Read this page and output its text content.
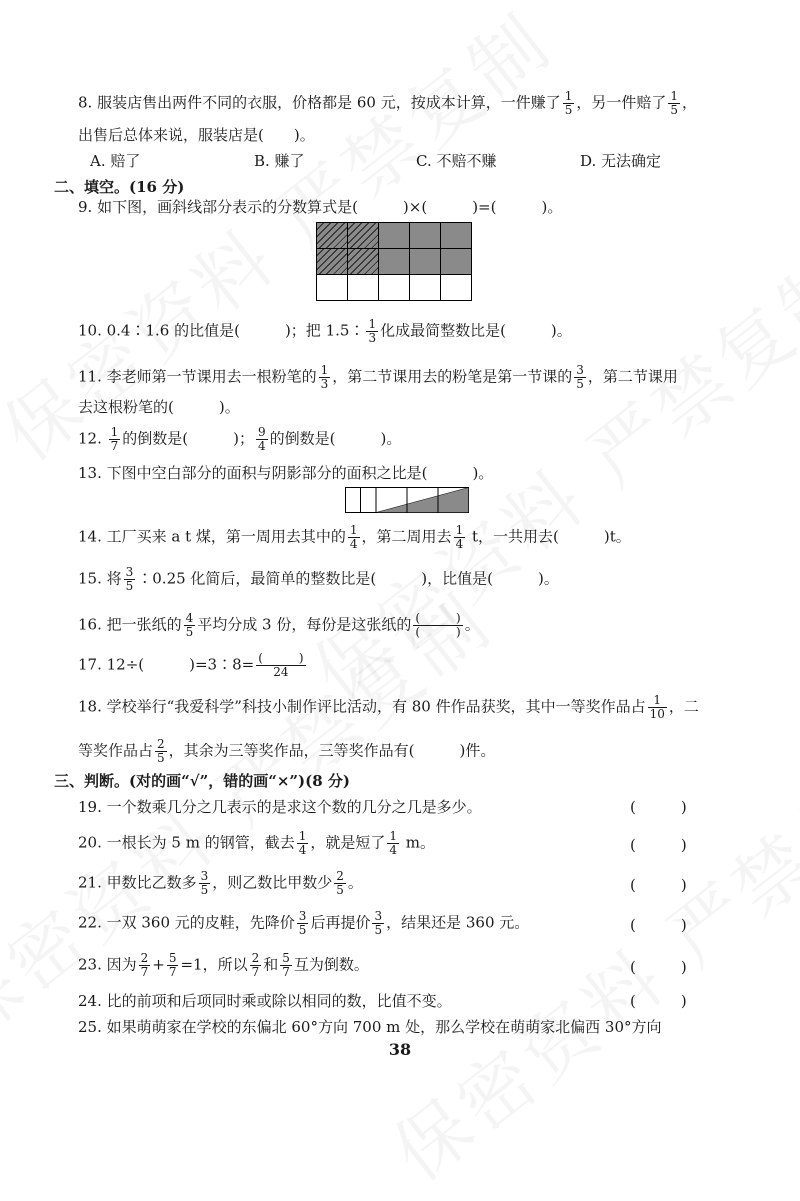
8. 服装店售出两件不同的衣服，价格都是 60 元，按成本计算，一件赚了 $\frac{1}{5}$ ，另一件赔了 $\frac{1}{5}$ ，
出售后总体来说，服装店是(　　)。
A. 赔了	B. 赚了	C. 不赔不赚	D. 无法确定
二、填空。(16 分)
9. 如下图，画斜线部分表示的分数算式是(　　　)×(　　　)=(　　　)。
10. 0.4∶1.6 的比值是(　　　)；把 1.5∶ $\frac{1}{3}$ 化成最简整数比是(　　　)。
11. 李老师第一节课用去一根粉笔的 $\frac{1}{3}$ ，第二节课用去的粉笔是第一节课的 $\frac{3}{5}$ ，第二节课用
去这根粉笔的(　　　)。
12. $\frac{1}{7}$ 的倒数是(　　　)； $\frac{9}{4}$ 的倒数是(　　　)。
13. 下图中空白部分的面积与阴影部分的面积之比是(　　　)。
14. 工厂买来 a t 煤，第一周用去其中的 $\frac{1}{4}$ ，第二周用去 $\frac{1}{4}$ t，一共用去(　　　)t。
15. 将 $\frac{3}{5}$ ∶0.25 化简后，最简单的整数比是(　　　)，比值是(　　　)。
16. 把一张纸的 $\frac{4}{5}$ 平均分成 3 份，每份是这张纸的 $\frac{( )}{( )}$ 。
17. 12÷(　　　)=3∶8= $\frac{( )}{24}$
18. 学校举行“我爱科学”科技小制作评比活动，有 80 件作品获奖，其中一等奖作品占 $\frac{1}{10}$ ，二
等奖作品占 $\frac{2}{5}$ ，其余为三等奖作品，三等奖作品有(　　　)件。
三、判断。(对的画“√”，错的画“×”)(8 分)
19. 一个数乘几分之几表示的是求这个数的几分之几是多少。	(　　　)
20. 一根长为 5 m 的钢管，截去 $\frac{1}{4}$ ，就是短了 $\frac{1}{4}$ m。	(　　　)
21. 甲数比乙数多 $\frac{3}{5}$ ，则乙数比甲数少 $\frac{2}{5}$ 。	(　　　)
22. 一双 360 元的皮鞋，先降价 $\frac{3}{5}$ 后再提价 $\frac{3}{5}$ ，结果还是 360 元。	(　　　)
23. 因为 $\frac{2}{7} + \frac{5}{7} =1$，所以 $\frac{2}{7}$ 和 $\frac{5}{7}$ 互为倒数。	(　　　)
24. 比的前项和后项同时乘或除以相同的数，比值不变。	(　　　)
25. 如果萌萌家在学校的东偏北 60°方向 700 m 处，那么学校在萌萌家北偏西 30°方向
38
